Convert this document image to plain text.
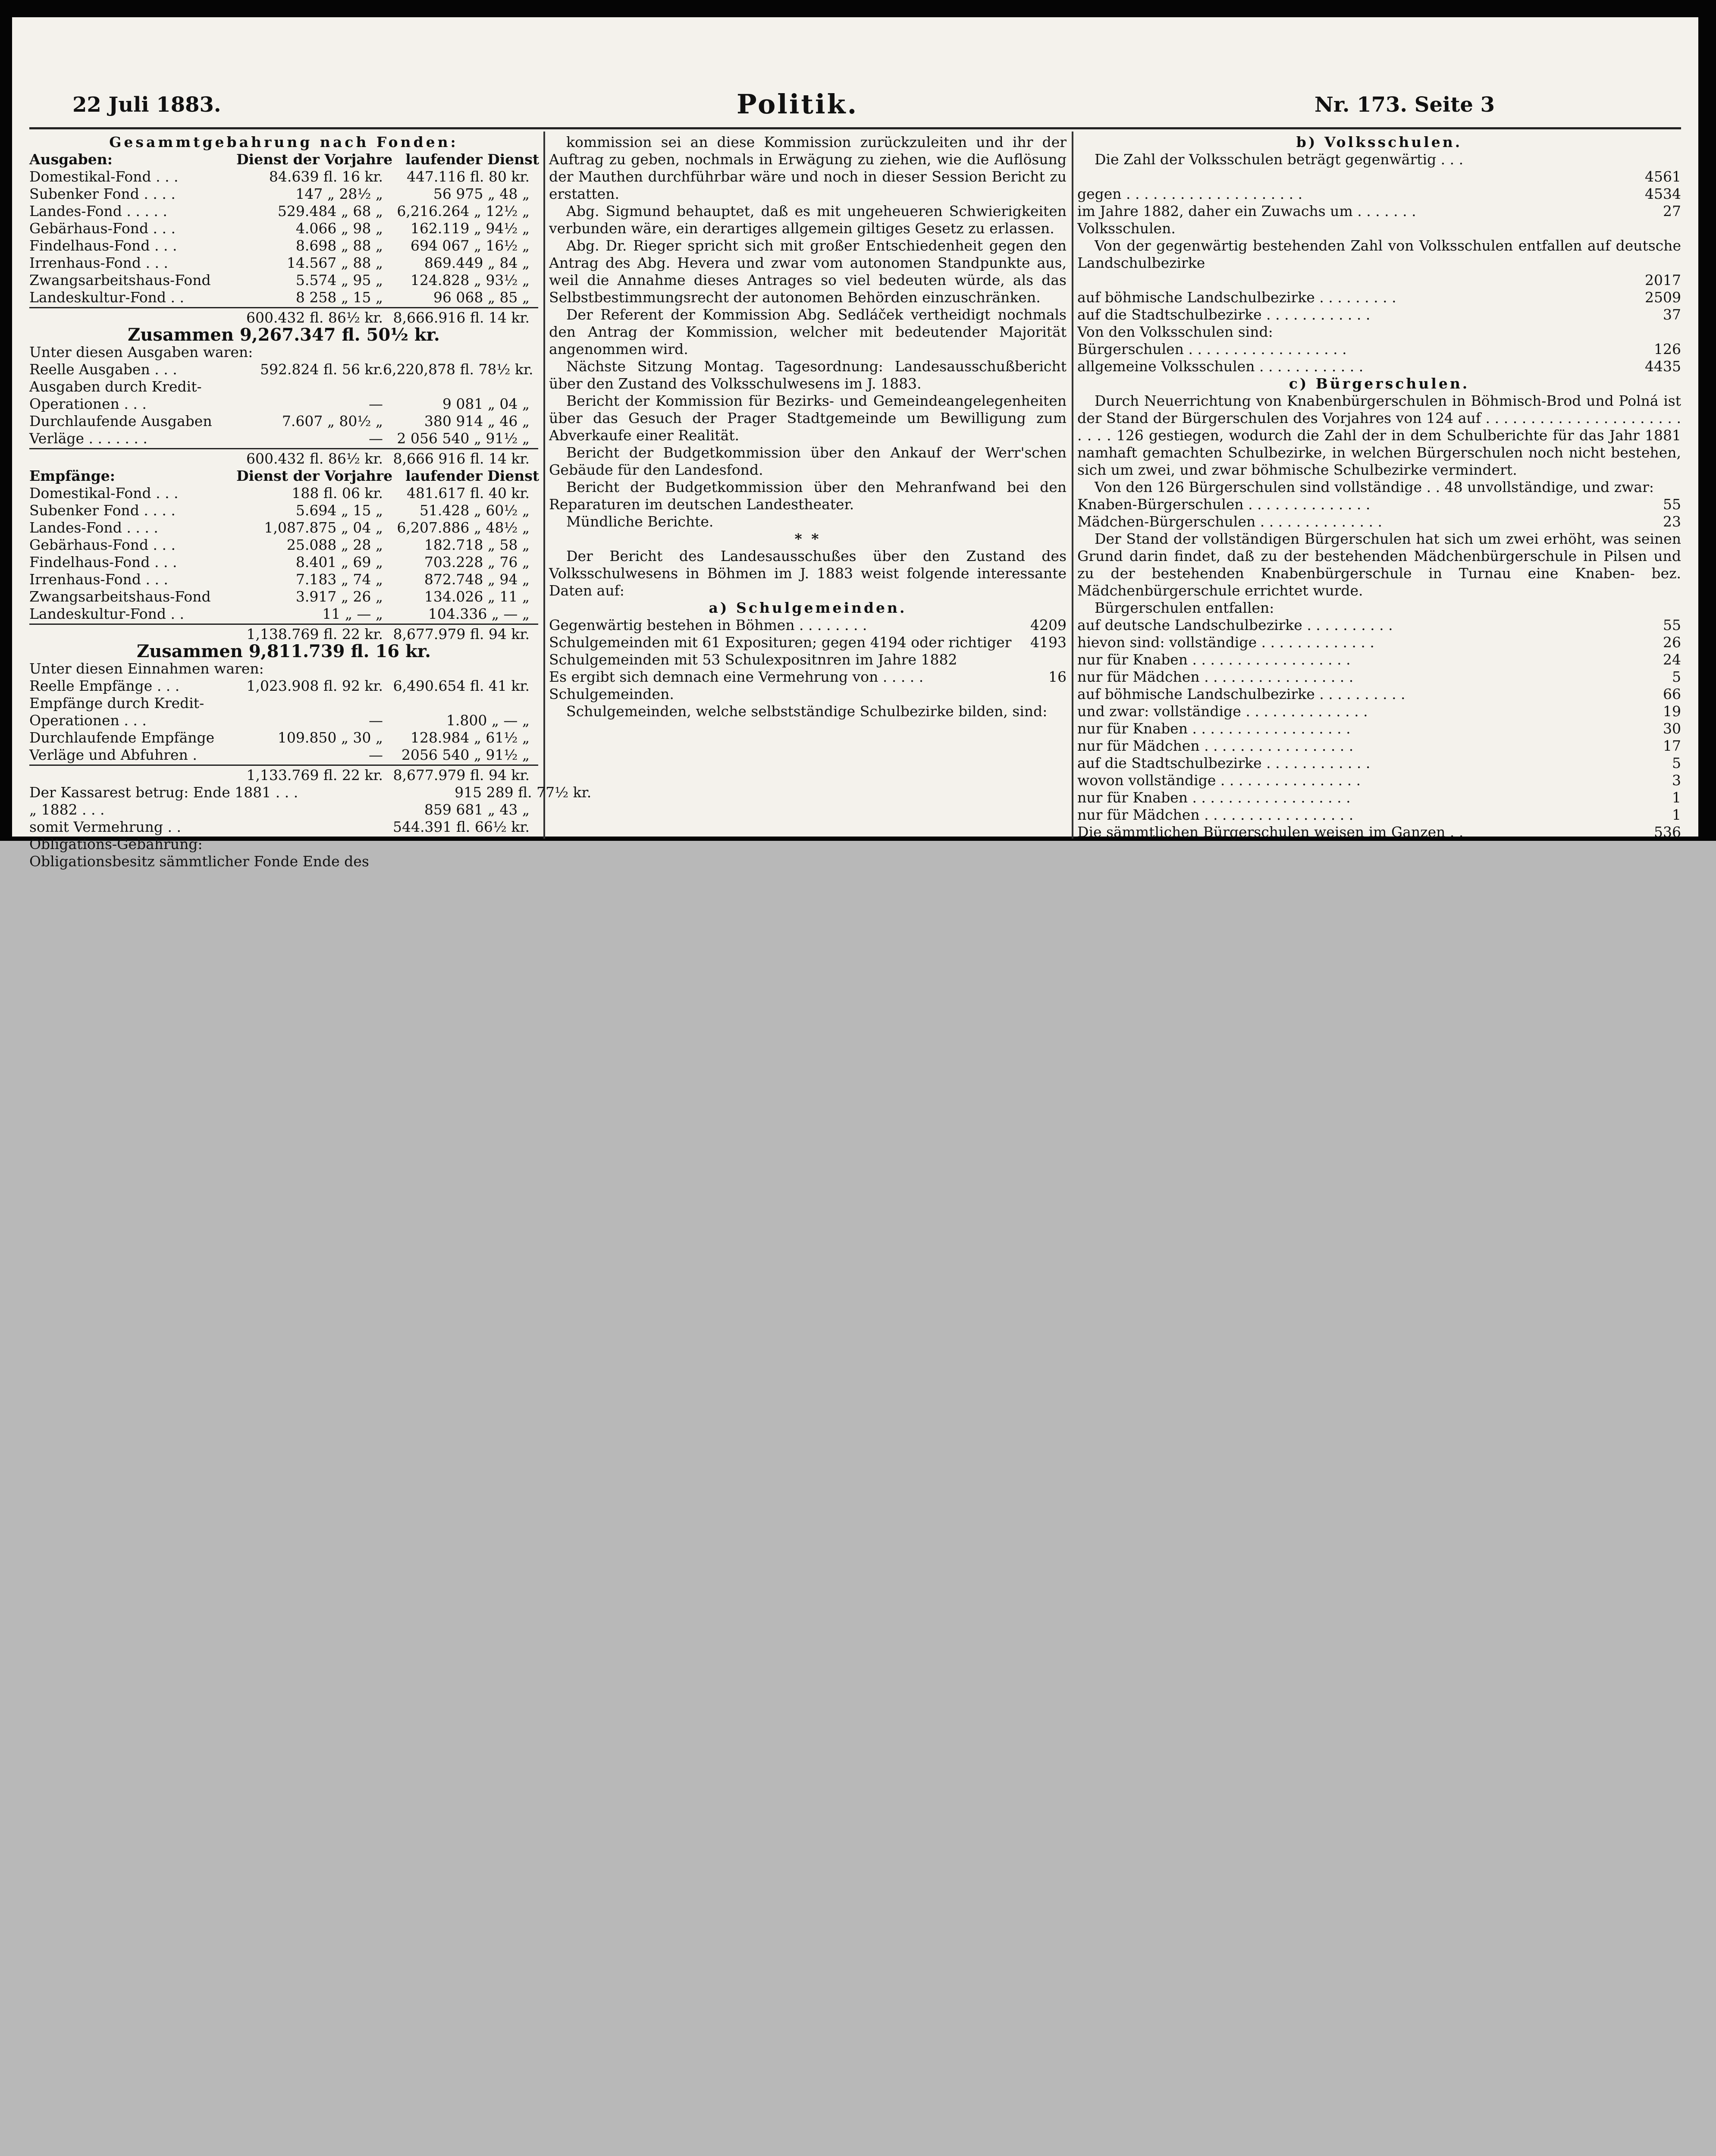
22 Juli 1883.	Politik.	Nr. 173. Seite 3
Gesammtgebahrung nach Fonden:
Ausgaben:	Dienst der Vorjahre laufender Dienst
Domestikal-Fond . . .	84.639 fl. 16 kr.	447.116 fl. 80 kr.
Subenker Fond . . . .	147 „ 28½ „	56 975 „ 48 „
Landes-Fond . . . . .	529.484 „ 68 „ 6,216.264 „ 12½ „
Gebärhaus-Fond . . .	4.066 „ 98 „	162.119 „ 94½ „
Findelhaus-Fond . . .	8.698 „ 88 „	694 067 „ 16½ „
Irrenhaus-Fond . . .	14.567 „ 88 „	869.449 „ 84 „
Zwangsarbeitshaus-Fond	5.574 „ 95 „	124.828 „ 93½ „
Landeskultur-Fond . .	8 258 „ 15 „	96 068 „ 85 „
600.432 fl. 86½ kr. 8,666.916 fl. 14 kr.
Zusammen 9,267.347 fl. 50½ kr.
Unter diesen Ausgaben waren:
Reelle Ausgaben . . .	592.824 fl. 56 kr. 6,220,878 fl. 78½ kr.
Ausgaben durch Kredit-
Operationen . . .	—	9 081 „ 04 „
Durchlaufende Ausgaben	7.607 „ 80½ „	380 914 „ 46 „
Verläge . . . . . . .	— 2 056 540 „ 91½ „
600.432 fl. 86½ kr. 8,666 916 fl. 14 kr.
Empfänge:	Dienst der Vorjahre laufender Dienst
Domestikal-Fond . . .	188 fl. 06 kr.	481.617 fl. 40 kr.
Subenker Fond . . . .	5.694 „ 15 „	51.428 „ 60½ „
Landes-Fond . . . .	1,087.875 „ 04 „ 6,207.886 „ 48½ „
Gebärhaus-Fond . . .	25.088 „ 28 „	182.718 „ 58 „
Findelhaus-Fond . . .	8.401 „ 69 „	703.228 „ 76 „
Irrenhaus-Fond . . .	7.183 „ 74 „	872.748 „ 94 „
Zwangsarbeitshaus-Fond	3.917 „ 26 „	134.026 „ 11 „
Landeskultur-Fond . .	11 „ — „	104.336 „ — „
1,138.769 fl. 22 kr. 8,677.979 fl. 94 kr.
Zusammen 9,811.739 fl. 16 kr.
Unter diesen Einnahmen waren:
Reelle Empfänge . . .	1,023.908 fl. 92 kr. 6,490.654 fl. 41 kr.
Empfänge durch Kredit-
Operationen . . .	—	1.800 „ — „
Durchlaufende Empfänge	109.850 „ 30 „	128.984 „ 61½ „
Verläge und Abfuhren .	—	2056 540 „ 91½ „
1,133.769 fl. 22 kr. 8,677.979 fl. 94 kr.
Der Kassarest betrug: Ende 1881 . . .	915 289 fl. 77½ kr.
„ 1882 . . .	859 681 „ 43 „
somit Vermehrung . .	544.391 fl. 66½ kr.
Obligations-Gebahrung:
Obligationsbesitz sämmtlicher Fonde Ende des
kommission sei an diese Kommission zurückzuleiten und ihr der Auftrag zu geben, nochmals in Erwägung zu ziehen, wie die Auflösung der Mauthen durchführbar wäre und noch in dieser Session Bericht zu erstatten.
Abg. Sigmund behauptet, daß es mit ungeheueren Schwierigkeiten verbunden wäre, ein derartiges allgemein giltiges Gesetz zu erlassen.
Abg. Dr. Rieger spricht sich mit großer Entschiedenheit gegen den Antrag des Abg. Hevera und zwar vom autonomen Standpunkte aus, weil die Annahme dieses Antrages so viel bedeuten würde, als das Selbstbestimmungsrecht der autonomen Behörden einzuschränken.
Der Referent der Kommission Abg. Sedláček vertheidigt nochmals den Antrag der Kommission, welcher mit bedeutender Majorität angenommen wird.
Nächste Sitzung Montag. Tagesordnung: Landesausschußbericht über den Zustand des Volksschulwesens im J. 1883.
Bericht der Kommission für Bezirks- und Gemeindeangelegenheiten über das Gesuch der Prager Stadtgemeinde um Bewilligung zum Abverkaufe einer Realität.
Bericht der Budgetkommission über den Ankauf der Werr'schen Gebäude für den Landesfond.
Bericht der Budgetkommission über den Mehranfwand bei den Reparaturen im deutschen Landestheater.
Mündliche Berichte.
* *
Der Bericht des Landesausschußes über den Zustand des Volksschulwesens in Böhmen im J. 1883 weist folgende interessante Daten auf:
a) Schulgemeinden.
Gegenwärtig bestehen in Böhmen . . . . . . . .	4209
Schulgemeinden mit 61 Exposituren; gegen 4194 oder richtiger	4193
Schulgemeinden mit 53 Schulexpositnren im Jahre 1882
Es ergibt sich demnach eine Vermehrung von . . . . .	16
Schulgemeinden.
Schulgemeinden, welche selbstständige Schulbezirke bilden, sind:
b) Volksschulen.
Die Zahl der Volksschulen beträgt gegenwärtig . . .
4561
gegen . . . . . . . . . . . . . . . . . . . .	4534
im Jahre 1882, daher ein Zuwachs um . . . . . . .	27
Volksschulen.
Von der gegenwärtig bestehenden Zahl von Volksschulen entfallen auf deutsche Landschulbezirke
2017
auf böhmische Landschulbezirke . . . . . . . . .	2509
auf die Stadtschulbezirke . . . . . . . . . . . .	37
Von den Volksschulen sind:
Bürgerschulen . . . . . . . . . . . . . . . . . .	126
allgemeine Volksschulen . . . . . . . . . . . .	4435
c) Bürgerschulen.
Durch Neuerrichtung von Knabenbürgerschulen in Böhmisch-Brod und Polná ist der Stand der Bürgerschulen des Vorjahres von 124 auf . . . . . . . . . . . . . . . . . . . . . . . . . . 126 gestiegen, wodurch die Zahl der in dem Schulberichte für das Jahr 1881 namhaft gemachten Schulbezirke, in welchen Bürgerschulen noch nicht bestehen, sich um zwei, und zwar böhmische Schulbezirke vermindert.
Von den 126 Bürgerschulen sind vollständige . . 48 unvollständige, und zwar:
Knaben-Bürgerschulen . . . . . . . . . . . . . .	55
Mädchen-Bürgerschulen . . . . . . . . . . . . . .	23
Der Stand der vollständigen Bürgerschulen hat sich um zwei erhöht, was seinen Grund darin findet, daß zu der bestehenden Mädchenbürgerschule in Pilsen und zu der bestehenden Knabenbürgerschule in Turnau eine Knaben- bez. Mädchenbürgerschule errichtet wurde.
Bürgerschulen entfallen:
auf deutsche Landschulbezirke . . . . . . . . . .	55
hievon sind: vollständige . . . . . . . . . . . . .	26
nur für Knaben . . . . . . . . . . . . . . . . . .	24
nur für Mädchen . . . . . . . . . . . . . . . . .	5
auf böhmische Landschulbezirke . . . . . . . . . .	66
und zwar: vollständige . . . . . . . . . . . . . .	19
nur für Knaben . . . . . . . . . . . . . . . . . .	30
nur für Mädchen . . . . . . . . . . . . . . . . .	17
auf die Stadtschulbezirke . . . . . . . . . . . .	5
wovon vollständige . . . . . . . . . . . . . . . .	3
nur für Knaben . . . . . . . . . . . . . . . . . .	1
nur für Mädchen . . . . . . . . . . . . . . . . .	1
Die sämmtlichen Bürgerschulen weisen im Ganzen . .	536
